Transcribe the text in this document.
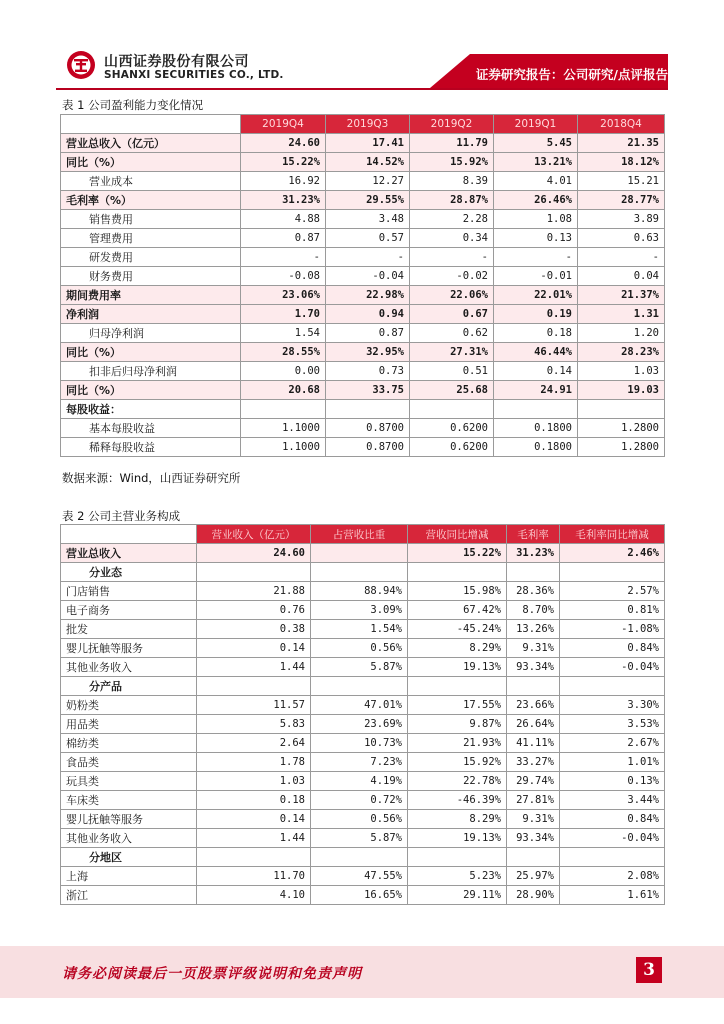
山西证券股份有限公司
SHANXI SECURITIES CO., LTD.	证券研究报告：公司研究/点评报告
表 1 公司盈利能力变化情况
	2019Q4	2019Q3	2019Q2	2019Q1	2018Q4
营业总收入（亿元）	24.60	17.41	11.79	5.45	21.35
同比（%）	15.22%	14.52%	15.92%	13.21%	18.12%
营业成本	16.92	12.27	8.39	4.01	15.21
毛利率（%）	31.23%	29.55%	28.87%	26.46%	28.77%
销售费用	4.88	3.48	2.28	1.08	3.89
管理费用	0.87	0.57	0.34	0.13	0.63
研发费用	-	-	-	-	-
财务费用	-0.08	-0.04	-0.02	-0.01	0.04
期间费用率	23.06%	22.98%	22.06%	22.01%	21.37%
净利润	1.70	0.94	0.67	0.19	1.31
归母净利润	1.54	0.87	0.62	0.18	1.20
同比（%）	28.55%	32.95%	27.31%	46.44%	28.23%
扣非后归母净利润	0.00	0.73	0.51	0.14	1.03
同比（%）	20.68	33.75	25.68	24.91	19.03
每股收益：					
基本每股收益	1.1000	0.8700	0.6200	0.1800	1.2800
稀释每股收益	1.1000	0.8700	0.6200	0.1800	1.2800
数据来源：Wind，山西证券研究所
表 2 公司主营业务构成
	营业收入（亿元）	占营收比重	营收同比增减	毛利率	毛利率同比增减
营业总收入	24.60		15.22%	31.23%	2.46%
分业态					
门店销售	21.88	88.94%	15.98%	28.36%	2.57%
电子商务	0.76	3.09%	67.42%	8.70%	0.81%
批发	0.38	1.54%	-45.24%	13.26%	-1.08%
婴儿抚触等服务	0.14	0.56%	8.29%	9.31%	0.84%
其他业务收入	1.44	5.87%	19.13%	93.34%	-0.04%
分产品					
奶粉类	11.57	47.01%	17.55%	23.66%	3.30%
用品类	5.83	23.69%	9.87%	26.64%	3.53%
棉纺类	2.64	10.73%	21.93%	41.11%	2.67%
食品类	1.78	7.23%	15.92%	33.27%	1.01%
玩具类	1.03	4.19%	22.78%	29.74%	0.13%
车床类	0.18	0.72%	-46.39%	27.81%	3.44%
婴儿抚触等服务	0.14	0.56%	8.29%	9.31%	0.84%
其他业务收入	1.44	5.87%	19.13%	93.34%	-0.04%
分地区					
上海	11.70	47.55%	5.23%	25.97%	2.08%
浙江	4.10	16.65%	29.11%	28.90%	1.61%
请务必阅读最后一页股票评级说明和免责声明	3
